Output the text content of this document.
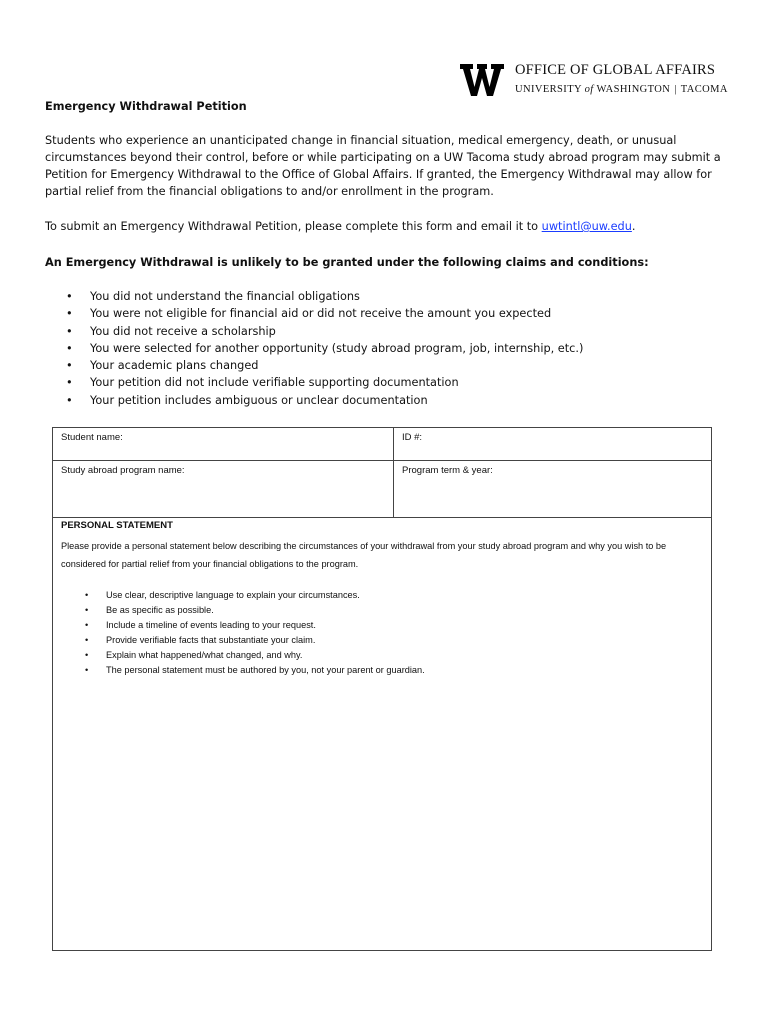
OFFICE OF GLOBAL AFFAIRS
UNIVERSITY of WASHINGTON | TACOMA
Emergency Withdrawal Petition
Students who experience an unanticipated change in financial situation, medical emergency, death, or unusual circumstances beyond their control, before or while participating on a UW Tacoma study abroad program may submit a Petition for Emergency Withdrawal to the Office of Global Affairs. If granted, the Emergency Withdrawal may allow for partial relief from the financial obligations to and/or enrollment in the program.
To submit an Emergency Withdrawal Petition, please complete this form and email it to uwtintl@uw.edu.
An Emergency Withdrawal is unlikely to be granted under the following claims and conditions:
• You did not understand the financial obligations
• You were not eligible for financial aid or did not receive the amount you expected
• You did not receive a scholarship
• You were selected for another opportunity (study abroad program, job, internship, etc.)
• Your academic plans changed
• Your petition did not include verifiable supporting documentation
• Your petition includes ambiguous or unclear documentation
Student name:	ID #:
Study abroad program name:	Program term & year:
PERSONAL STATEMENT
Please provide a personal statement below describing the circumstances of your withdrawal from your study abroad program and why you wish to be considered for partial relief from your financial obligations to the program.
• Use clear, descriptive language to explain your circumstances.
• Be as specific as possible.
• Include a timeline of events leading to your request.
• Provide verifiable facts that substantiate your claim.
• Explain what happened/what changed, and why.
• The personal statement must be authored by you, not your parent or guardian.
